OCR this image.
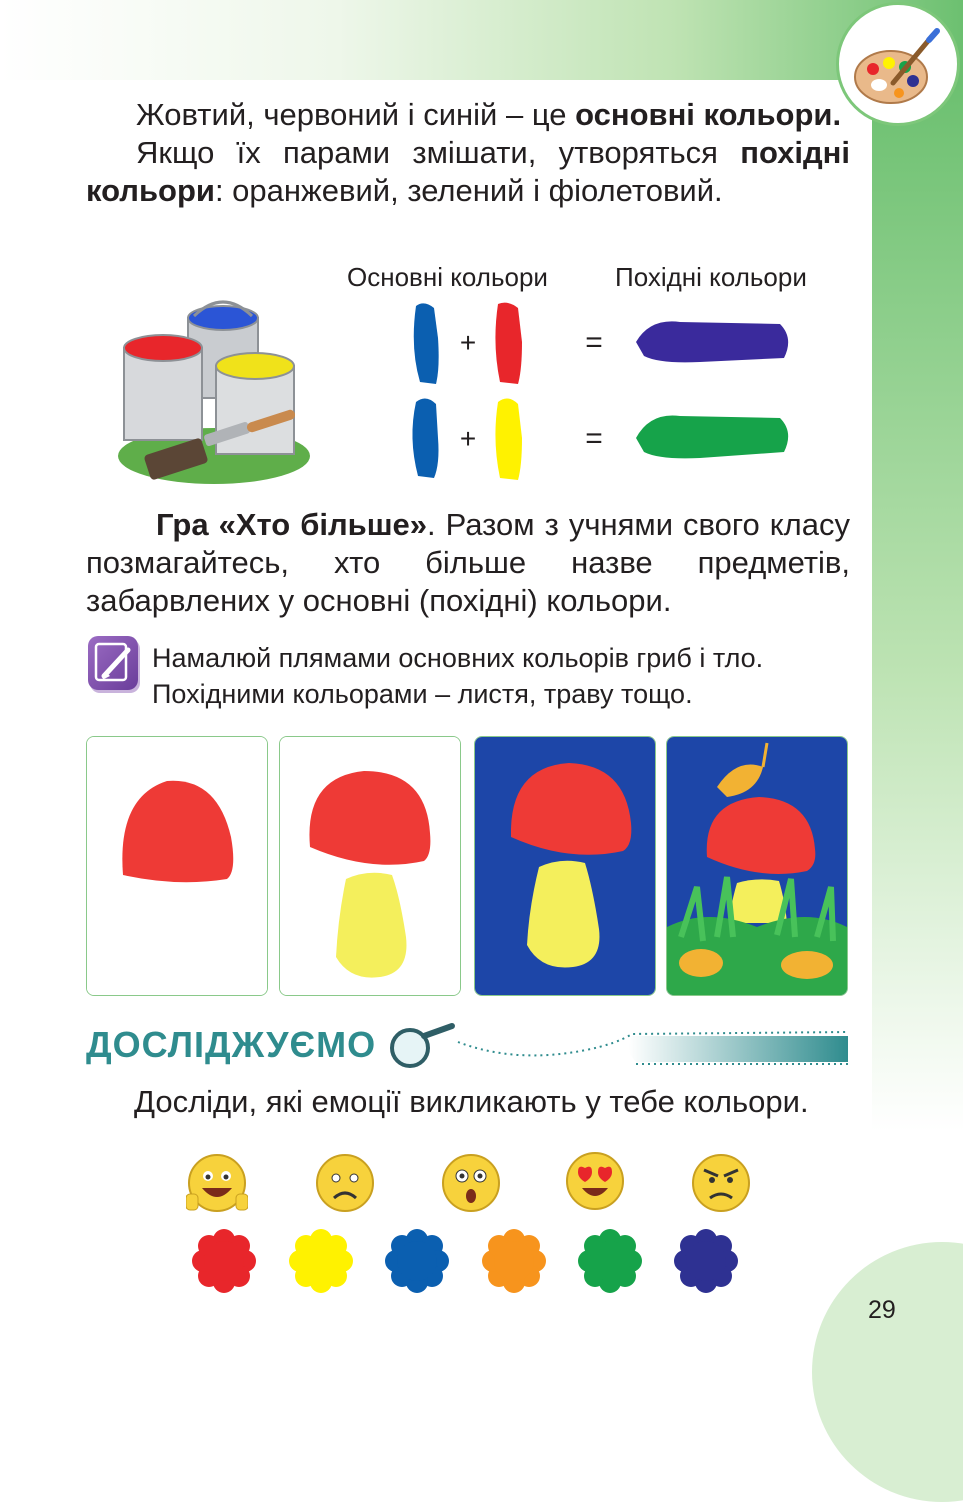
Жовтий, червоний і синій – це основні кольори.

Якщо їх парами змішати, утворяться похідні кольори: оранжевий, зелений і фіолетовий.

Основні кольори	Похідні кольори
+	=
+	=

Гра «Хто більше». Разом з учнями свого класу позмагайтесь, хто більше назве предметів, забарвлених у основні (похідні) кольори.

Намалюй плямами основних кольорів гриб і тло.

Похідними кольорами – листя, траву тощо.

ДОСЛІДЖУЄМО
Досліди, які емоції викликають у тебе кольори.
29
